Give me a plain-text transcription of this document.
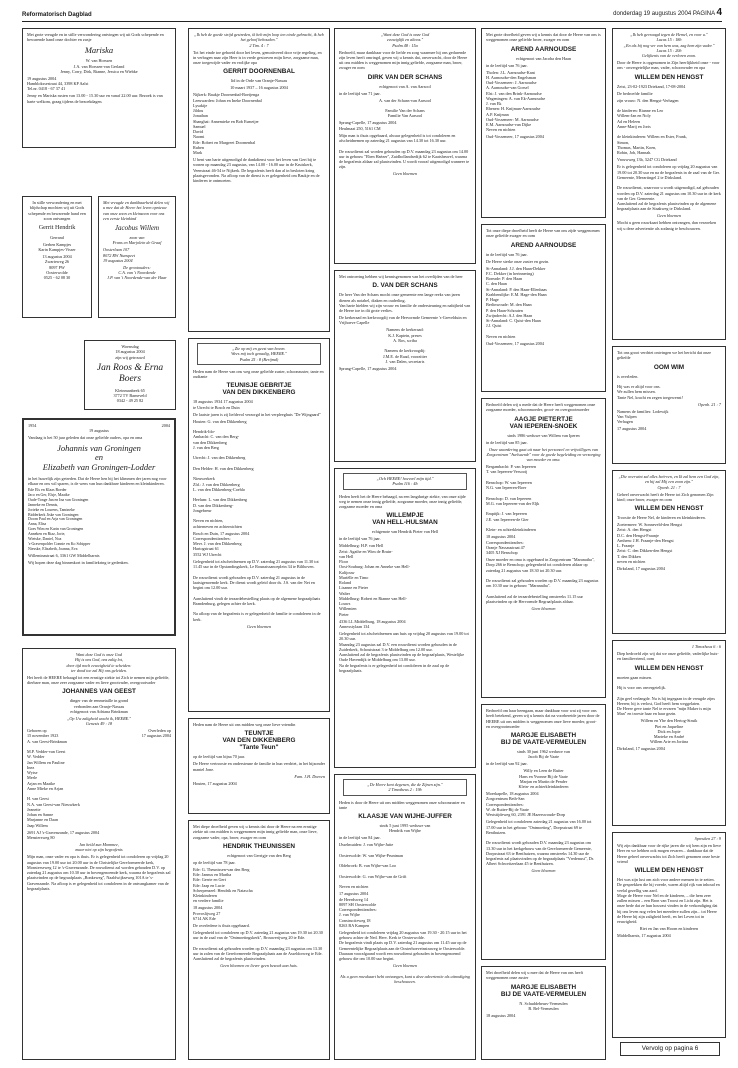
Reformatorisch Dagblad	donderdag 19 augustus 2004 PAGINA 4

Met grote vreugde en in stille verwondering ontvingen wij uit Gods schepende en bewarende hand onze dochter en zusje

Mariska

W. van Horssen
J.A. van Horssen-van Gerland
Jenny, Corry, Dirk, Rianne, Jessica en Wiebke

19 augustus 2004
Hamblokssestraat 44, 3398 KP Aalst
Tel.nr. 0418 - 67 37 41

Jenny en Mariska rusten van 13.00 - 15.30 uur en vanaf 22.00 uur. Bezoek is van harte welkom, graag tijdens de bezoekdagen.

In stille verwondering en met blijdschap mochten wij uit Gods schepende en bewarende hand een zoon ontvangen

Gerrit Hendrik

Gerrand

Gerben Kampjes
Karin Kampjes-Visser

13 augustus 2004
Zwarteweg 26
8097 PW
Oosterwolde
0525 - 62 08 30

Met vreugde en dankbaarheid delen wij u mee dat de Heere het leven opnieuw van onze zoon en kleinzoon voor ons een eerste kleinkind

Jacobus Willem

zoon van
Frans en Marjolein de Graaf

Oosterlaan 107
8072 RW Nunspeet
19 augustus 2004

De grootouders:
C.A. van 't Noordende
J.P. van 't Noordende-van der Haar

Woensdag
18 augustus 2004
zijn wij getrouwd

Jan Roos & Erna Boers

Kleinmanbeek 65
3772 TV Barneveld
0342 - 49 25 82

1954	2004

19 augustus

Vandaag is het 50 jaar geleden dat onze geliefde ouders, opa en oma

Johannis van Groningen
en
Elizabeth van Groningen-Lodder

in het huwelijk zijn getreden. Dat de Heere hen bij het klimmen der jaren nog voor elkaar en ons wil sparen, is de wens van hun dankbare kinderen en kleinkinderen.

Ede Els en Klaas Boeder
Jaco en Ger, Elsje, Maaike
Oude-Tonge Jan en Ina van Groningen
Janneke en Dennis,
Jorieke en Lourens, Tamineke
Bidderkerk Jiske van Groningen
Doorn Paul en Arja van Groningen
Anna, Elisa
Goes Wim en Karin van Groningen
Anneken en Riaz, Jorie,
Wietske, Daniel, Noa
's-Gravenpolder Connie en Ko Schipper
Niesske, Elisabeth, Joanna, Eva

Willeminastraat 6, 3361 GW Middelharnis

Wij hopen deze dag binnenkort in familiekring te gedenken.

Want deze God is onze God
Hij is ons God, ons zalig lot,
door tijd noch eeuwigheid te scheiden:
ter dood toe zal Hij ons geleiden.

Het heeft de HEERE behaagd tot een ernstige ziekte tot Zich te nemen mijn geliefde, dierbare man, onze zeer zorgzame vader en lieve grootvader, overgrootvader

JOHANNES VAN GEEST

dinger van de eenmetaille in grond
verbonden aan Oranje-Nassau
echtgenoot van Adriana Brinkman

„Op Uw zaligheid wacht ik, HEERE."
Genesis 49 : 18

Geboren op
15 november 1923
Overleden op
17 augustus 2004

A. van Geest-Brinkman

M.P. Vedder-van Geest
W. Vedder
Jan Willem en Pauline
Inez
Wytse
Merle
Arjan en Maaike
Anne Mieke en Arjan

H. van Geest
N.A. van Geest-van Nieuwkerk
Jeanette
Johan en Sanne
Marjanne en Daan
Jaap Willem

2691 AJ 's-Gravenzande, 17 augustus 2004
Menstersweg 80

Jan heild zun Mommee,
maar niet op zijn begrafenis

Mijn man, onze vader en opa is thuis. Er is gelegenheid tot condoleren op vrijdag 20 augustus van 19.00 uur tot 20.00 uur in de Christelijke Gereformeerde kerk, Monsterseweg 12 te 's-Gravenzande. De rouwdienst zal worden gehouden D.V. op zaterdag 21 augustus om 10.30 uur in bovengenoemde kerk, waarna de begrafenis zal plaatsvinden op de begraafplaats „Bonkeweg", Naaldwijkseweg 101A te 's-Gravenzande. Na afloop is er gelegenheid tot condoleren in de ontvangkamer van de begraafplaats.

„Ik heb de goede strijd gestreden, ik heb mijn loop ten einde gebracht, ik heb het geloof behouden."
2 Tim. 4 : 7

Tot het einde toe geboeid door het leven, gemotiveerd door vrije regeling, en in verbagen naar zijn Heer is in vrede gestorven mijn lieve, zorgzame man, onze toegewijde vader en vrolijke opa

GERRIT DOORNENBAL

lid in de Orde van Oranje-Nassau

10 maart 1937 – 16 augustus 2004

Nijkerk: Baukje Doornenbal-Boeijenga
Leeuwarden: Johan en Ineke Doornenbal
Lysakije
Jildou
Jonathan
Shanghai: Annemieke en Bob Esmeijer
Samuel
David
Naomi
Ede: Robert en Margreet Doornenbal
Ruben
Mark

U bent van harte uitgenodigd de dankdienst voor het leven van Gert bij te wonen op maandag 23 augustus, van 14.00 - 16.00 uur in de Kruiskerk, Veenstraat 46-54 te Nijkerk. De begrafenis heeft dan al in besloten kring plaatsgevonden. Na afloop van de dienst is er gelegenheid om Baukje en de kinderen te ontmoeten.

„Zie op mij en geest van boven.
Wees mij toch genadig, HEERE."
Psalm 25 : 8 (Berijmd)

Heden nam de Heere van ons weg onze geliefde zuster, schoonzuster, tante en oudtante

TEUNISJE GEBRITJE
VAN DEN DIKKENBERG

18 augustus 1934 17 augustus 2004
te Utrecht te Bosch en Duin

De laatste jaren is zij liefdevol verzorgd in het verpleeghuis "De Wijngaard"

Houten: G. van den Dikkenberg

Hendrik-Ido-
Ambacht: C. van den Berg-
van den Dikkenberg
J. van den Berg

Utrecht: J. van den Dikkenberg

Den Helder: H. van den Dikkenberg

Nieuwerkerk
Zld.: J. van den Dikkenberg
L. van den Dikkenberg-Coehlo

Heelum: L. van den Dikkenberg
D. van den Dikkenberg-
Jongebreur

Neven en nichten,
achterneven en achternichten

Bosch en Duin, 17 augustus 2004
Correspondentieadres:
Mevr. J. van den Dikkenberg
Hartogstraat 61
3552 WJ Utrecht

Gelegenheid tot afscheidnemen op D.V. zaterdag 21 augustus van 11.30 tot 11.45 uur in de Opstandingskerk, Le Rounaissanceplein 34 te Bilthoven.

De rouwdienst wordt gehouden op D.V. zaterdag 21 augustus in de laatstgenoemde kerk. De dienst wordt geleid door ds. J.S. van der Net en begint om 12.00 uur.

Aansluitend vindt de teraardebestelling plaats op de algemene begraafplaats Brandenburg, gelegen achter de kerk.

Na afloop van de begrafenis is er gelegenheid de familie te condoleren in de kerk.

Geen bloemen

Heden nam de Heere uit ons midden weg onze lieve vriendin

TEUNTJE
VAN DEN DIKKENBERG
"Tante Teun"

op de leeftijd van bijna 70 jaar.

De Heere vertrooste en ondersteune de familie in hun verdriet, in het bijzonder mantel Jone.

Fam. J.H. Doeven

Houten, 17 augustus 2004

Met diepe droefheid geven wij u kennis dat door de Heere na een ernstige ziekte uit ons midden is weggenomen mijn innig geliefde man, onze lieve, zorgzame vader, opa, broer, zwager en oom

HENDRIK THEUNISSEN

echtgenoot van Gerrigje van den Berg

op de leeftijd van 78 jaar.

Ede: G. Theunissen-van den Berg
Ede: Jannus en Martha
Ede: Gerrie en Gert
Ede: Jaap en Lucie
Scherpenzeel: Hendrik en Natascha
Kleinkinderen
en verdere familie

18 augustus 2004
Provoslijweg 27
6714 AK Ede

De overledene is thuis opgebaard.

Gelegenheid tot condoleren op D.V. zaterdag 21 augustus van 19.30 tot 20.30 uur in de zaal van de "Ontmoetingskerk", Brouwerijweg 20 te Ede.

De rouwdienst zal gehouden worden op D.V. maandag 23 augustus om 13.30 uur in zalen van de Gereformeerde Begraafplaats aan de Asseldorweg te Ede. Aansluitend zal de begrafenis plaatsvinden.

Geen bloemen en liever geen bezoek aan huis.

„Want deze God is onze God
eeuwiglijk en altoos."
Psalm 48 : 15a

Bedroefd, maar dankbaar voor de liefde en zorg waarmee hij ons gedurende zijn leven heeft omringd, geven wij u kennis dat, onverwacht, door de Heere uit ons midden is weggenomen mijn innig geliefde, zorgzame man, broer, zwager en oom

DIRK VAN DER SCHANS

echtgenoot van A. van Aarsool

in de leeftijd van 71 jaar.

A. van der Schans-van Aarsool

Familie Van der Schans
Familie Van Aarsool

Sprang-Capelle, 17 augustus 2004
Heulmaat 250, 5161 CM

Mijn man is thuis opgebaard, alwaar gelegenheid is tot condoleren en afscheidnemen op zaterdag 21 augustus van 14.30 tot 16.30 uur.

De rouwdienst zal worden gehouden op D.V. maandag 23 augustus om 14.00 uur in gebouw "Eben Haëzer", Zuidhollandsedijk 62 te Kaatsheuvel, waarna de begrafenis aldaar zal plaatsvinden. U wordt vooraf uitgenodigd wanneer te zijn.

Geen bloemen

Met ontroering hebben wij kennisgenomen van het overlijden van de heer

D. VAN DER SCHANS

De heer Van der Schans mocht onze gemeente een lange reeks van jaren dienen als notabel, diaken en ouderling.
Van harte hielden wij zijn vrouw en familie de ondersteuning en nabijheid van de Heere toe in dit grote verlies.

De kerkeraad en kerkvoogdij van de Hervormde Gemeente 's-Grevelduin en Vrijhoeve Capelle

Namens de kerkeraad:
K.J. Kaptein, preses
A. Ros, scriba

Namens de kerkvoogdij:
J.M.E. de Raad, voorzitter
J. van Dalen, secretaris

Sprang-Capelle, 17 augustus 2004

„Och HEERE! hoeveel mijn tijd."
Psalm 116 : 4b

Heden heeft het de Heere behaagd, na een langdurige ziekte, van onze zijde weg te nemen onze innig geliefde, zorgzame moeder, onze innig geliefde, zorgzame moeder en oma

WILLEMPJE
VAN HELL-HULSMAN

echtgenote van Hendrik Pieter van Hell

in de leeftijd van 76 jaar.

Middelburg: H.P. van Hell
Zeist: Agathe en Wim de Bruin-
van Hell
Floor
Oost-Souburg: Johan en Anneke van Hell-
Kalijouw
Muriëlle en Timo
Roland
Lisanne en Pieter
Walter
Middelburg: Robert en Rianne van Hell-
Louws
Willemien
Pieter

4336 LL Middelburg, 18 augustus 2004
Annexstylaan 134

Gelegenheid tot afscheidnemen aan huis op vrijdag 20 augustus van 19.00 tot 20.30 uur.
Maandag 23 augustus zal D.V. een rouwdienst worden gehouden in de Zuiderkerk, Schoutstraat 3 te Middelburg om 12.00 uur.
Aansluitend zal de begrafenis plaatsvinden op de begraafplaats, Westelijke Oude Havendijk te Middelburg om 13.00 uur.
Na de begrafenis is er gelegenheid tot condoleren in de zaal op de begraafplaats.

„De Heere kent degenen, die de Zijnen zijn."
2 Timotheus 2 : 19b

Heden is door de Heere uit ons midden weggenomen onze schoonzuster en tante

KLAASJE VAN WIJHE-JUFFER

sinds 5 juni 1995 weduwe van
Hendrik van Wijhe

in de leeftijd van 84 jaar.

IJsselmuiden: J. van Wijhe-Jutte

Oosterwolde: W. van Wijhe-Pruntman

Oldebroek: B. van Wijhe-van Loo

Oosterwolde: G. van Wijhe-van de Grift

Neven en nichten

17 augustus 2004
de Heerdsweg 14
8097 SH Oosterwolde
Correspondentieadres:
J. van Wijhe
Constructieweg 18
8263 BA Kampen

Gelegenheid tot condoleren vrijdag 20 augustus van 19.30 - 20.15 uur in het gebouw achter de Ned. Herv. Kerk te Oosterwolde.
De begrafenis vindt plaats op D.V. zaterdag 21 augustus om 11.45 uur op de Gemeentelijke Begraafplaats aan de Oosterhoeveinstraweg te Oosterwolde. Daaraan voorafgaand wordt een rouwdienst gehouden in bovengenoemd gebouw die om 10.00 uur begint.

Geen bloemen

Als u geen rouwkaart hebt ontvangen, kunt u deze advertentie als uitnodiging beschouwen.

Met grote droefheid geven wij u kennis dat door de Heere van ons is weggenomen onze geliefde broer, zwager en oom

AREND AARNOUDSE

echtgenoot van Jacoba den Haan

in de leeftijd van 76 jaar.

Tholen: J.L. Aarnoudse-Kant
H. Aarnoudse-den Engelsman
Oud-Vossemeer: J. Aarnoudse
A. Aarnoudse-van Gorsel
Elst: J. van den Brink-Aarnoudse
Wageningen: A. van Ek-Aarnoudse
J. van Ek
Rhenen: H. Knijman-Aarnoudse
A.P. Knijman
Oud-Vossemeer: M. Aarnoudse
E.M. Aarnoudse-van Dijke
Neven en nichten

Oud-Vossemeer, 17 augustus 2004

Tot onze diepe droefheid heeft de Heere van ons zijde weggenomen onze geliefde zwager en oom

AREND AARNOUDSE

in de leeftijd van 76 jaar.

De Heere sterke onze zuster en gezin.

St-Annaland: J.J. den Haan-Dekker
F.C. Dekker (in herinnering)
Boreade: P. den Haan
C. den Haan
St-Annaland: P. den Haan-Ellenbaas
Krabbendijke: E.M. Hage-den Haan
P. Hage
Berlinwoude: M. den Haan
P. den Haan-Schouten
Zwijndrecht: A.J. den Haan
St-Annaland: C. Quist-den Haan
J.J. Quist

Neven en nichten

Oud-Vossemeer, 17 augustus 2004

Bedroefd delen wij u mede dat de Heere heeft weggenomen onze zorgzame moeder, schoonmoeder, groot- en overgrootmoeder

AAGJE PIETERTJE
VAN IEPEREN-SNOEK

sinds 1986 weduwe van Willem van Iperen

in de leeftijd van 85 jaar.

Onze waardering gaat uit naar het personeel en vrijwilligers van Zorgcentrum "Avelsaerde" voor de goede begeleiding en verzorging van moeder en oma.

Bergambacht: P. van Iepeeren
T. van Iepeeren-Versooij

Benschop: W. van Iepeeren
N.G. van Iepeeren-Boer

Benschop: D. van Iepeeren
M.G. van Iepeeren-van der Eljk

Empitjk: J. van Iepeeren
J.E. van Iepeeren-de Gier

Klein- en achterkleinkinderen

18 augustus 2004
Correspondentieadres:
Oranje Nassaustraat 47
3405 XJ Benschop

Onze moeder en oma is opgebaard in Zorgcentrum "Maranatha", Dorp 266 te Benschop; gelegenheid tot condoleren aldaar op zaterdag 21 augustus van 18.30 tot 20.30 uur.

De rouwdienst zal gehouden worden op D.V. maandag 23 augustus om 10.30 uur in gebouw "Maranatha".

Aansluitend zal de teraardebestelling omstreeks 11.15 uur plaatsvinden op de Hervormde Begraafplaats aldaar.

Geen bloemen

Bedroefd om haar heengaan, maar dankbaar voor wat zij voor ons heeft betekend, geven wij u kennis dat na voorbereide jaren door de HEERE uit ons midden is weggenomen onze lieve moeder, groot- en overgrootmoeder

MARGJE ELISABETH
BIJ DE VAATE-VERMEULEN

sinds 30 juni 1962 weduwe van
Jacob Bij de Vaate

in de leeftijd van 92 jaar.

Willy en Leen de Ruiter
Hans en Yvonne Bij de Vaate
Marjan en Martin de Pender
Klein- en achterkleinkinderen

Moerkapelle, 18 augustus 2004
Zorgcentrum Beth-San
Correspondentieadres:
W. de Ruiter-Bij de Vaate
Weststijdeweg 60, 2391 JE Hazerswoude-Dorp

Gelegenheid tot condoleren zaterdag 21 augustus van 16.00 tot 17.00 uur in het gebouw "Ontmoeting", Dorpsstraat 69 te Benthuizen.

De rouwdienst wordt gehouden D.V. maandag 23 augustus om 13.30 uur in het kerkgebouw van de Gereformeerde Gemeente, Dorpsstraat 63 te Benthuizen, waarna omstreeks 14.30 uur de begrafenis zal plaatsvinden op de begraafplaats "Vredenust", Dr. Albert Schweitzerlaan 45 te Benthuizen.

Geen bloemen

Met droefheid delen wij u mee dat de Heere van ons heeft weggenomen onze zuster

MARGJE ELISABETH
BIJ DE VAATE-VERMEULEN

N. Schuddebeurs-Vermeulen
B. Bel-Vermeulen

18 augustus 2004

„Ik heb gevraagd tegen de Hemel, en voor u."
Lucas 15 : 18b
„En als bij nog ver van hem was, zag hem zijn vader."
Lucas 15 : 20b
Gelijkenis van de verloren zoon.

Door de Heere is opgenomen in Zijn heerlijkheid onze - voor ons - onvergetelijke man, vader, schoonvader en opa

WILLEM DEN HENGST

Zeist, 23-02-1923 Driekand, 17-08-2004

De bedroefde familie

zijn vrouw: N. den Hengst-Verhagen

de kinderen: Rianne en Leo
Willem-Jan en Noly
Ad en Heleen
Anne-Marij en Joris

de kleinkinderen: Willem en Ester, Frank,
Simon,
Thomas, Martin, Koen,
Robin, Job, Hannah.

Vrouwweg 13b, 3247 CG Driekand

Er is gelegenheid tot condoleren op vrijdag 20 augustus van 19.00 tot 20.30 uur en na de begrafenis in de zaal van de Ger. Gemeente, Meeartingel 2 te Dirksland.

De rouwdienst, waarvoor u wordt uitgenodigd, zal gehouden worden op D.V. zaterdag 21 augustus om 10.30 uur in de kerk van de Ger. Gemeente.
Aansluitend zal de begrafenis plaatsvinden op de algemene begraafplaats aan de Staakweg te Dirksland.

Geen bloemen

Mocht u geen rouwkaart hebben ontvangen, dan verzoeken wij u deze advertentie als zodanig te beschouwen.

Tot ons groot verdriet ontvingen we het bericht dat onze geliefde

OOM WIM

is overleden.

Hij was er altijd voor ons.
We zullen hem missen.
Tante Nel, kracht en zegen toegewenst!

Openb. 21 : 7

Namens de families: Lodewijk
Van Vulpen
Verhagen

17 augustus 2004

„Die overwint zal alles beërven, en Ik zal hem een God zijn, en hij zal Mij een zoon zijn."
Openb. 21 : 7

Geheel onverwacht heeft de Heere tot Zich genomen Zijn kind; onze broer, zwager en oom

WILLEM DEN HENGST

Troosite de Heere Nel, de kinderen en kleinkinderen.

Zoetermeer: W. Sonneveld-den Hengst
Zeist: A. den Hengst
D.C. den Hengst-Fraanje
Arnhem: J.H. Fraanje-den Hengst
L. Fraanje
Zeist: C. den Dikken-den Hengst
T. den Dikken
neven en nichten

Dirksland, 17 augustus 2004

1 Timotheus 6 : 6

Diep bedroefd zijn wij dat we onze geliefde, vaderlijke huis- en familievriend, oom

WILLEM DEN HENGST

moeten gaan missen.

Hij is voor ons onvergetelijk.

Zijn geel verlangde. Nu is hij ingegaan in de vreugde zijns Heeren; hij is verlost, God heeft hem weggelaten.
De Heere geve tante Nel te ervaren "mijn Maker is mijn Man" en troeste haar en haar gezin.

Willem en Ybe den Hertog-Struik
Piet en Jaqueline
Dick en Jopie
Marieke en André
Willem Arie en Joriina

Dirksland, 17 augustus 2004

Spreuken 27 : 9

Wij zijn dankbaar voor de rijke jaren die wij hem zijn en lieve Heer en we hebben ook mogen ervaren... dankbaar dat de Heere geheel onverwachts tot Zich heeft genomen onze beste vriend

WILLEM DEN HENGST

Het was zijn lust om zich voor andere mensen in te zetten.
De gesprekken die hij voerde, waren altijd rijk van inhoud en veelal gezellig van aard.
Moge de Heere voor Nel en de kinderen, – die hem zeer zullen missen – een Bron van Troost en Licht zijn. Het is onze bede dat ze hun houvast vinden in de verkondiging dat bij ons leven nog velen het meerdere zullen zijn... tot Heere de Heere hij zijn zaligheid heeft, en het Leven tot in eeuwigheid.

Riet en Jan van Hoorn en kinderen

Middelharnis, 17 augustus 2004

Vervolg op pagina 6
